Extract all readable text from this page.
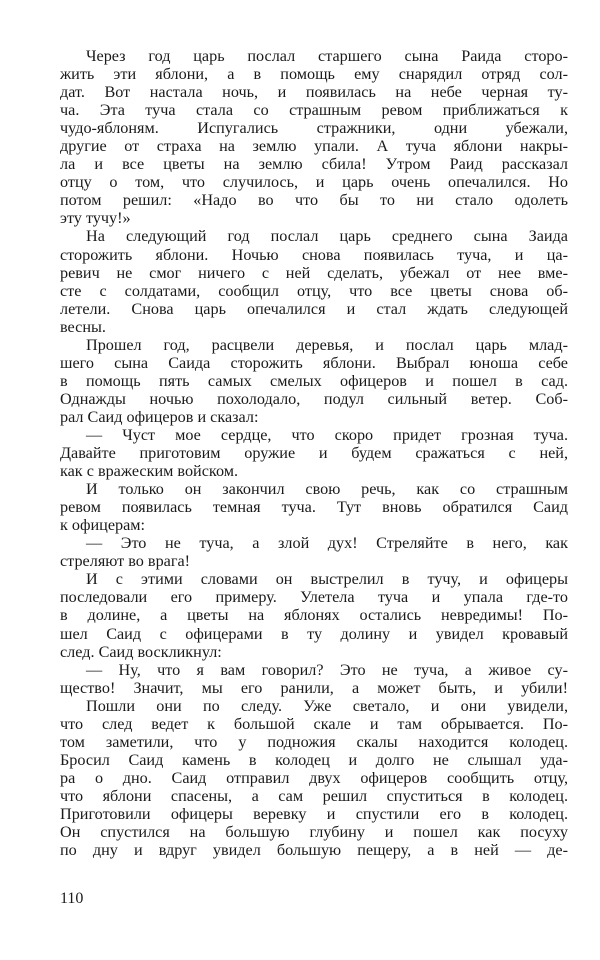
Через год царь послал старшего сына Раида сторо-
жить эти яблони, а в помощь ему снарядил отряд сол-
дат. Вот настала ночь, и появилась на небе черная ту-
ча. Эта туча стала со страшным ревом приближаться к
чудо-яблоням. Испугались стражники, одни убежали,
другие от страха на землю упали. А туча яблони накры-
ла и все цветы на землю сбила! Утром Раид рассказал
отцу о том, что случилось, и царь очень опечалился. Но
потом решил: «Надо во что бы то ни стало одолеть
эту тучу!»
На следующий год послал царь среднего сына Заида
сторожить яблони. Ночью снова появилась туча, и ца-
ревич не смог ничего с ней сделать, убежал от нее вме-
сте с солдатами, сообщил отцу, что все цветы снова об-
летели. Снова царь опечалился и стал ждать следующей
весны.
Прошел год, расцвели деревья, и послал царь млад-
шего сына Саида сторожить яблони. Выбрал юноша себе
в помощь пять самых смелых офицеров и пошел в сад.
Однажды ночью похолодало, подул сильный ветер. Соб-
рал Саид офицеров и сказал:
— Чуст мое сердце, что скоро придет грозная туча.
Давайте приготовим оружие и будем сражаться с ней,
как с вражеским войском.
И только он закончил свою речь, как со страшным
ревом появилась темная туча. Тут вновь обратился Саид
к офицерам:
— Это не туча, а злой дух! Стреляйте в него, как
стреляют во врага!
И с этими словами он выстрелил в тучу, и офицеры
последовали его примеру. Улетела туча и упала где-то
в долине, а цветы на яблонях остались невредимы! По-
шел Саид с офицерами в ту долину и увидел кровавый
след. Саид воскликнул:
— Ну, что я вам говорил? Это не туча, а живое су-
щество! Значит, мы его ранили, а может быть, и убили!
Пошли они по следу. Уже светало, и они увидели,
что след ведет к большой скале и там обрывается. По-
том заметили, что у подножия скалы находится колодец.
Бросил Саид камень в колодец и долго не слышал уда-
ра о дно. Саид отправил двух офицеров сообщить отцу,
что яблони спасены, а сам решил спуститься в колодец.
Приготовили офицеры веревку и спустили его в колодец.
Он спустился на большую глубину и пошел как посуху
по дну и вдруг увидел большую пещеру, а в ней — де-
110
